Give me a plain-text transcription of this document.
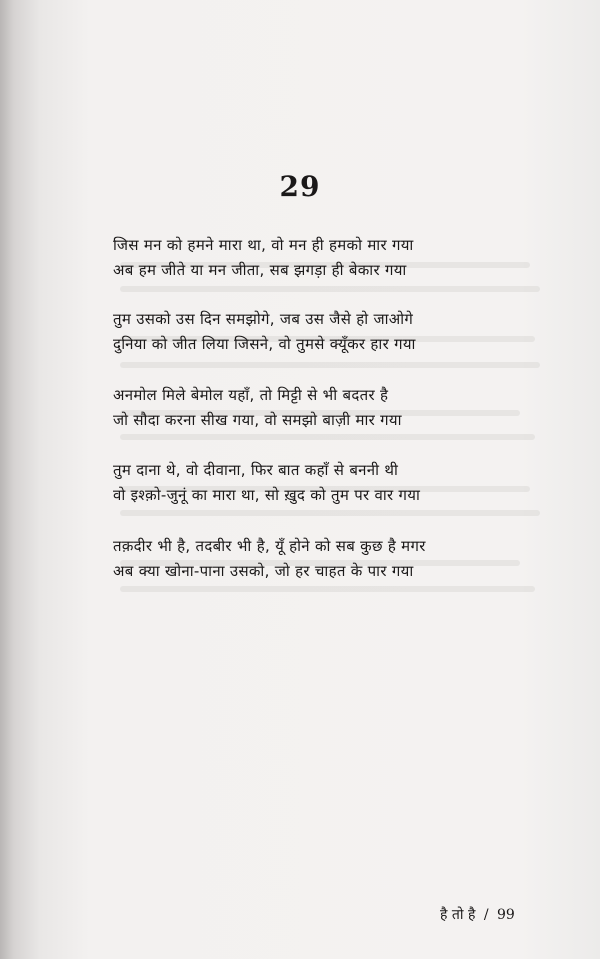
29
जिस मन को हमने मारा था, वो मन ही हमको मार गया
अब हम जीते या मन जीता, सब झगड़ा ही बेकार गया
तुम उसको उस दिन समझोगे, जब उस जैसे हो जाओगे
दुनिया को जीत लिया जिसने, वो तुमसे क्यूँकर हार गया
अनमोल मिले बेमोल यहाँ, तो मिट्टी से भी बदतर है
जो सौदा करना सीख गया, वो समझो बाज़ी मार गया
तुम दाना थे, वो दीवाना, फिर बात कहाँ से बननी थी
वो इश्क़ो-जुनूं का मारा था, सो ख़ुद को तुम पर वार गया
तक़दीर भी है, तदबीर भी है, यूँ होने को सब कुछ है मगर
अब क्या खोना-पाना उसको, जो हर चाहत के पार गया
है तो है / 99
